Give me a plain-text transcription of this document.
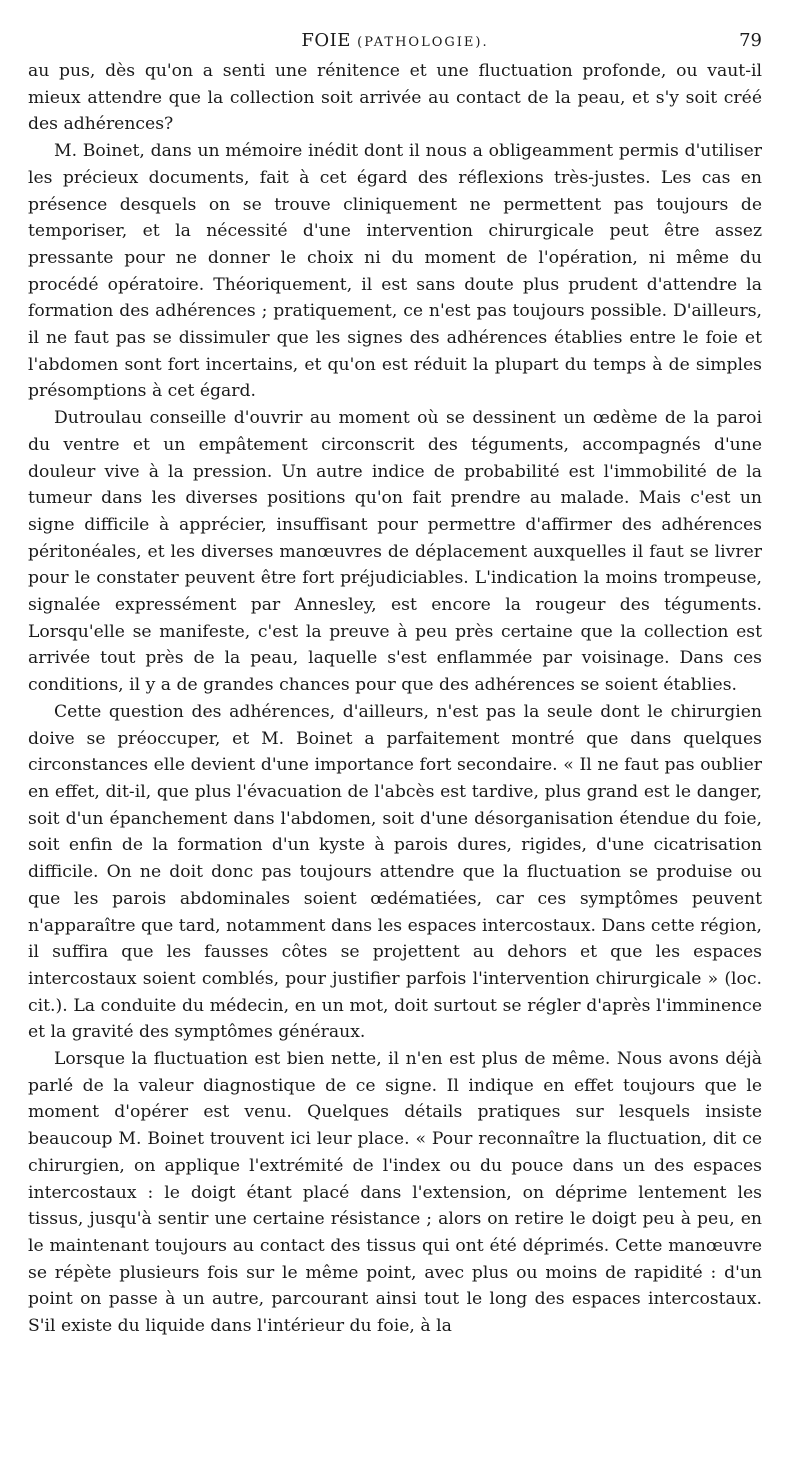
FOIE (PATHOLOGIE).	79

au pus, dès qu'on a senti une rénitence et une fluctuation profonde, ou vaut-il mieux attendre que la collection soit arrivée au contact de la peau, et s'y soit créé des adhérences?

M. Boinet, dans un mémoire inédit dont il nous a obligeamment permis d'utiliser les précieux documents, fait à cet égard des réflexions très-justes. Les cas en présence desquels on se trouve cliniquement ne permettent pas toujours de temporiser, et la nécessité d'une intervention chirurgicale peut être assez pressante pour ne donner le choix ni du moment de l'opération, ni même du procédé opératoire. Théoriquement, il est sans doute plus prudent d'attendre la formation des adhérences ; pratiquement, ce n'est pas toujours possible. D'ailleurs, il ne faut pas se dissimuler que les signes des adhérences établies entre le foie et l'abdomen sont fort incertains, et qu'on est réduit la plupart du temps à de simples présomptions à cet égard.

Dutroulau conseille d'ouvrir au moment où se dessinent un œdème de la paroi du ventre et un empâtement circonscrit des téguments, accompagnés d'une douleur vive à la pression. Un autre indice de probabilité est l'immobilité de la tumeur dans les diverses positions qu'on fait prendre au malade. Mais c'est un signe difficile à apprécier, insuffisant pour permettre d'affirmer des adhérences péritonéales, et les diverses manœuvres de déplacement auxquelles il faut se livrer pour le constater peuvent être fort préjudiciables. L'indication la moins trompeuse, signalée expressément par Annesley, est encore la rougeur des téguments. Lorsqu'elle se manifeste, c'est la preuve à peu près certaine que la collection est arrivée tout près de la peau, laquelle s'est enflammée par voisinage. Dans ces conditions, il y a de grandes chances pour que des adhérences se soient établies.

Cette question des adhérences, d'ailleurs, n'est pas la seule dont le chirurgien doive se préoccuper, et M. Boinet a parfaitement montré que dans quelques circonstances elle devient d'une importance fort secondaire. « Il ne faut pas oublier en effet, dit-il, que plus l'évacuation de l'abcès est tardive, plus grand est le danger, soit d'un épanchement dans l'abdomen, soit d'une désorganisation étendue du foie, soit enfin de la formation d'un kyste à parois dures, rigides, d'une cicatrisation difficile. On ne doit donc pas toujours attendre que la fluctuation se produise ou que les parois abdominales soient œdématiées, car ces symptômes peuvent n'apparaître que tard, notamment dans les espaces intercostaux. Dans cette région, il suffira que les fausses côtes se projettent au dehors et que les espaces intercostaux soient comblés, pour justifier parfois l'intervention chirurgicale » (loc. cit.). La conduite du médecin, en un mot, doit surtout se régler d'après l'imminence et la gravité des symptômes généraux.

Lorsque la fluctuation est bien nette, il n'en est plus de même. Nous avons déjà parlé de la valeur diagnostique de ce signe. Il indique en effet toujours que le moment d'opérer est venu. Quelques détails pratiques sur lesquels insiste beaucoup M. Boinet trouvent ici leur place. « Pour reconnaître la fluctuation, dit ce chirurgien, on applique l'extrémité de l'index ou du pouce dans un des espaces intercostaux : le doigt étant placé dans l'extension, on déprime lentement les tissus, jusqu'à sentir une certaine résistance ; alors on retire le doigt peu à peu, en le maintenant toujours au contact des tissus qui ont été déprimés. Cette manœuvre se répète plusieurs fois sur le même point, avec plus ou moins de rapidité : d'un point on passe à un autre, parcourant ainsi tout le long des espaces intercostaux. S'il existe du liquide dans l'intérieur du foie, à la
